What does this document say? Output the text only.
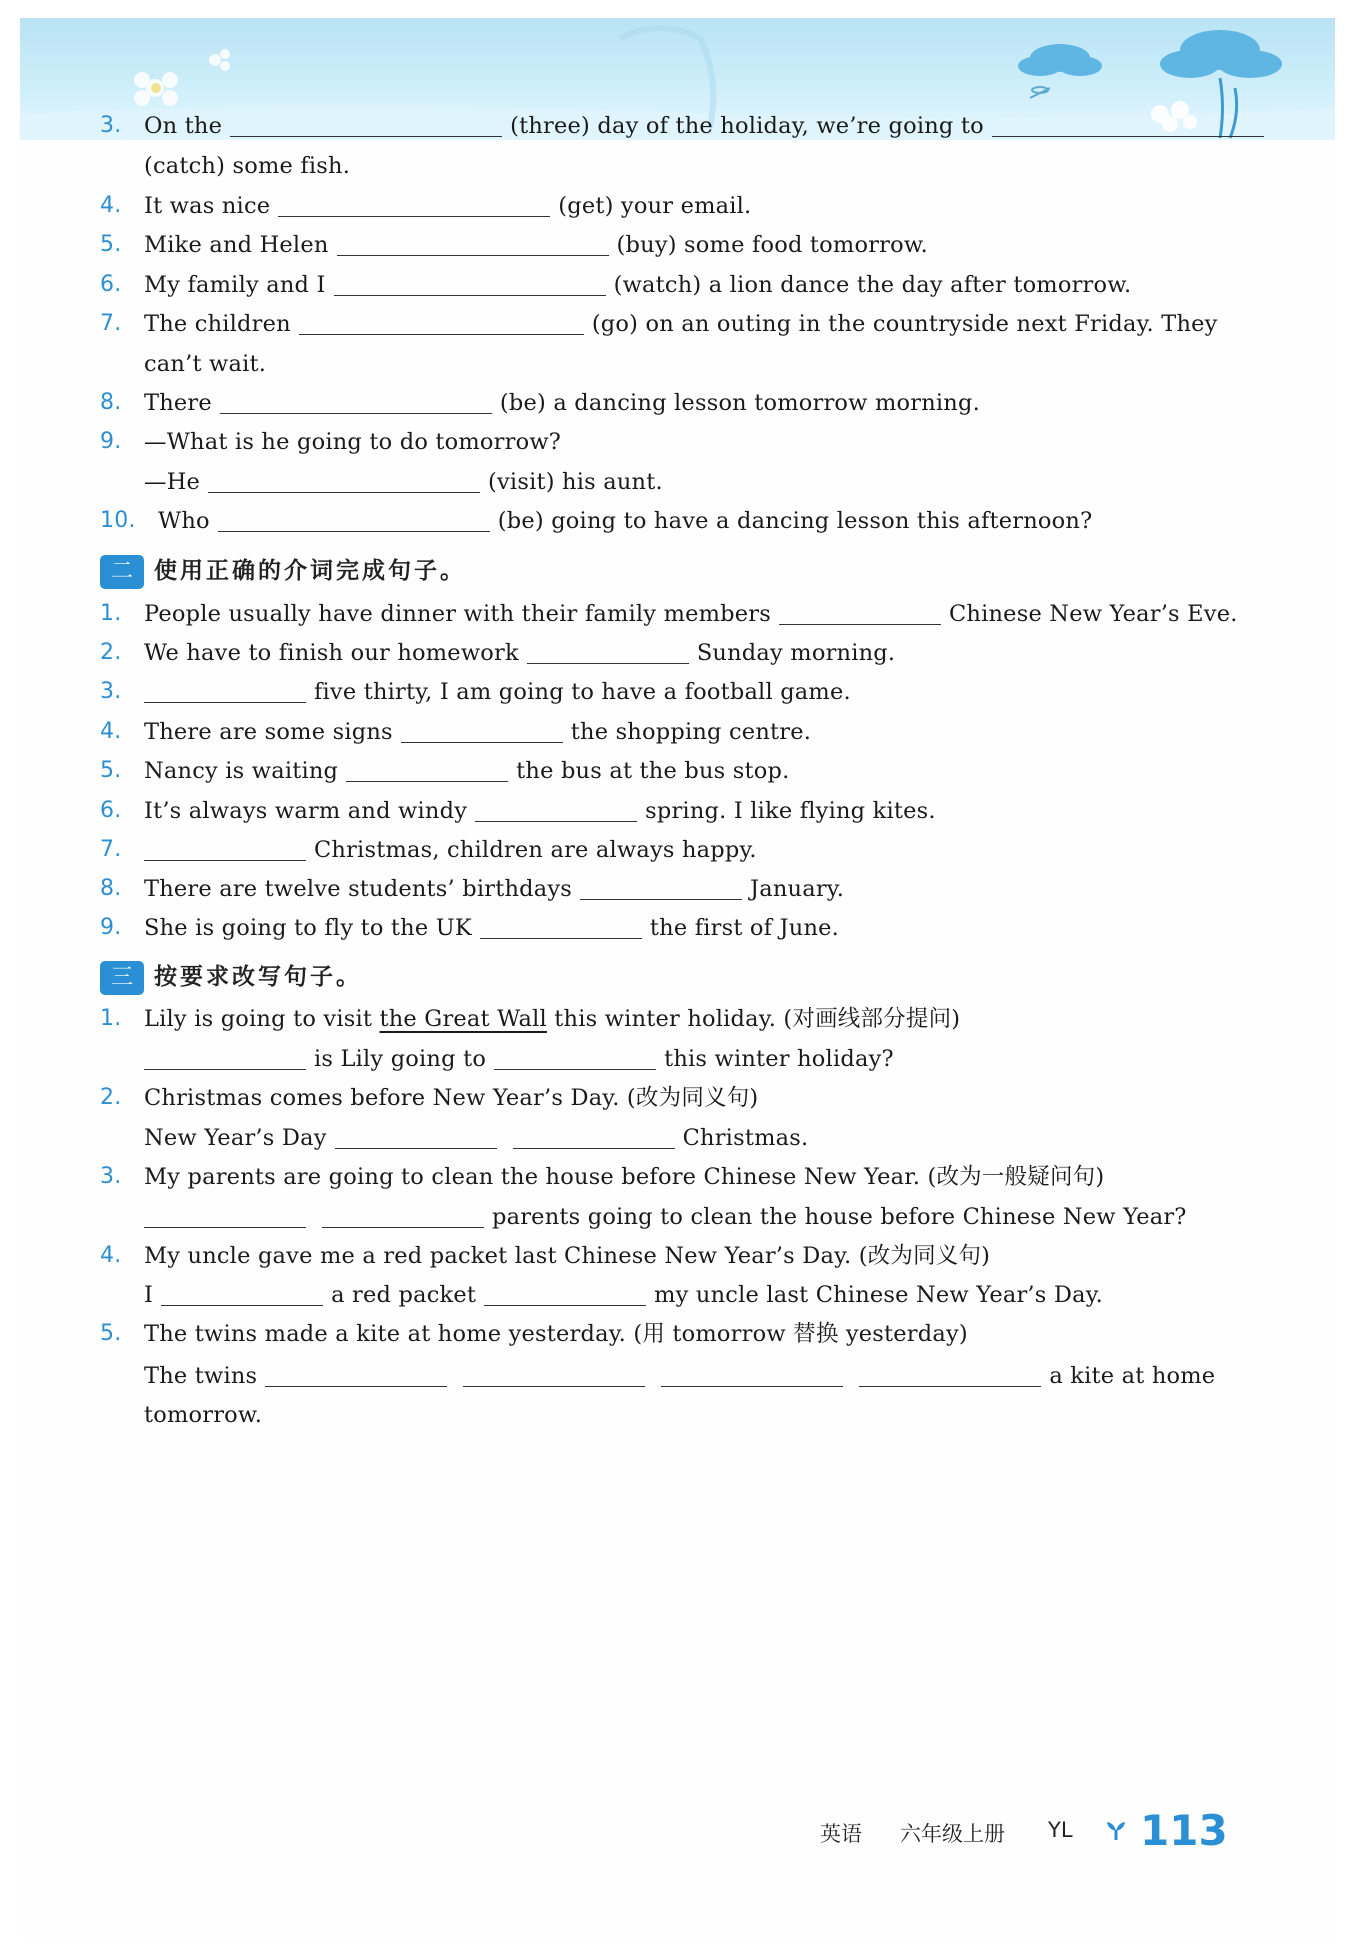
3. On the	(three) day of the holiday, we’re going to
(catch) some fish.
4. It was nice	(get) your email.
5. Mike and Helen	(buy) some food tomorrow.
6. My family and I	(watch) a lion dance the day after tomorrow.
7. The children	(go) on an outing in the countryside next Friday. They
can’t wait.
8. There	(be) a dancing lesson tomorrow morning.
9. —What is he going to do tomorrow?
—He	(visit) his aunt.
10. Who	(be) going to have a dancing lesson this afternoon?
二 使用正确的介词完成句子。
1. People usually have dinner with their family members	Chinese New Year’s Eve.
2. We have to finish our homework	Sunday morning.
3.	five thirty, I am going to have a football game.
4. There are some signs	the shopping centre.
5. Nancy is waiting	the bus at the bus stop.
6. It’s always warm and windy	spring. I like flying kites.
7.	Christmas, children are always happy.
8. There are twelve students’ birthdays	January.
9. She is going to fly to the UK	the first of June.
三 按要求改写句子。
1. Lily is going to visit the Great Wall this winter holiday. (对画线部分提问)
is Lily going to	this winter holiday?
2. Christmas comes before New Year’s Day. (改为同义句)
New Year’s Day	Christmas.
3. My parents are going to clean the house before Chinese New Year. (改为一般疑问句)
parents going to clean the house before Chinese New Year?
4. My uncle gave me a red packet last Chinese New Year’s Day. (改为同义句)
I	a red packet	my uncle last Chinese New Year’s Day.
5. The twins made a kite at home yesterday. (用 tomorrow 替换 yesterday)
The twins	a kite at home
tomorrow.
英语 六年级上册 YL 113
